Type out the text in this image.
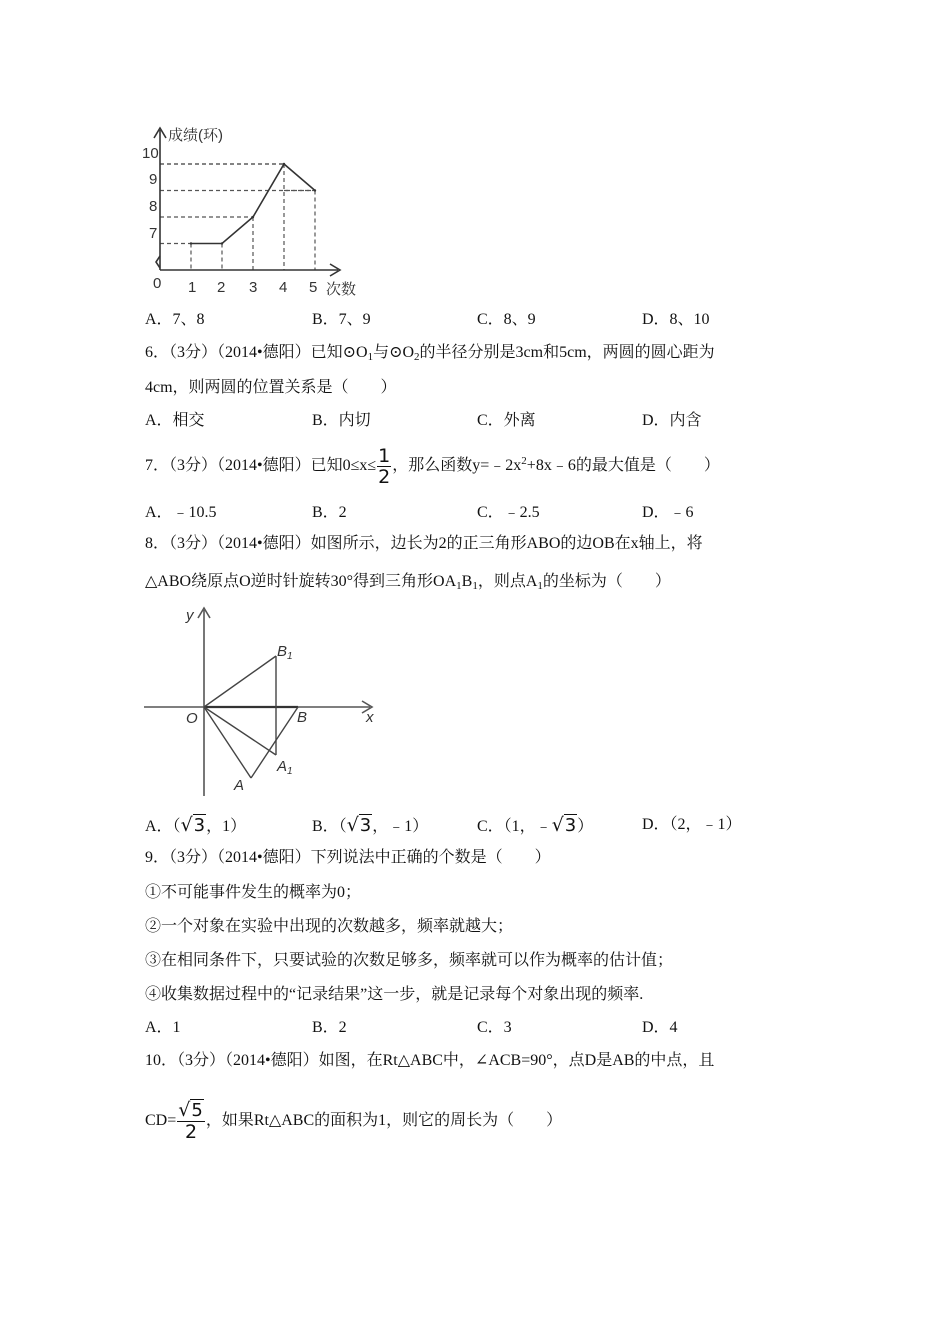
成绩(环)
次数
0 1 2 3 4 5
7
8
9
10
A．7、8	B．7、9	C．8、9	D．8、10
6．（3分）（2014•德阳）已知$⊙O_1$与$⊙O_2$的半径分别是3cm和5cm，两圆的圆心距为
4cm，则两圆的位置关系是（　　）
A．相交	B．内切	C．外离	D．内含
7．（3分）（2014•德阳）已知$0\le x\le \frac{1}{2}$ ，那么函数$y=﹣2x^2+8x﹣6$的最大值是（　　）
A．﹣10.5	B．2	C．﹣2.5	D．﹣6
8．（3分）（2014•德阳）如图所示，边长为2的正三角形ABO的边OB在x轴上，将
△ABO绕原点O逆时针旋转30°得到三角形$OA_1B_1$，则点$A_1$的坐标为（　　）
y
x
O	B
A
$A_1$
$B_1$
A．（√3，1）	B．（√3，﹣1）	C．（1，﹣√3）	D．（2，﹣1）
9．（3分）（2014•德阳）下列说法中正确的个数是（　　）
①不可能事件发生的概率为0；
②一个对象在实验中出现的次数越多，频率就越大；
③在相同条件下，只要试验的次数足够多，频率就可以作为概率的估计值；
④收集数据过程中的“记录结果”这一步，就是记录每个对象出现的频率.
A．1	B．2	C．3	D．4
10．（3分）（2014•德阳）如图，在Rt△ABC中，∠ACB=90°，点D是AB的中点，且
$CD= \frac{√5}{2}$ ，如果Rt△ABC的面积为1，则它的周长为（　　）
